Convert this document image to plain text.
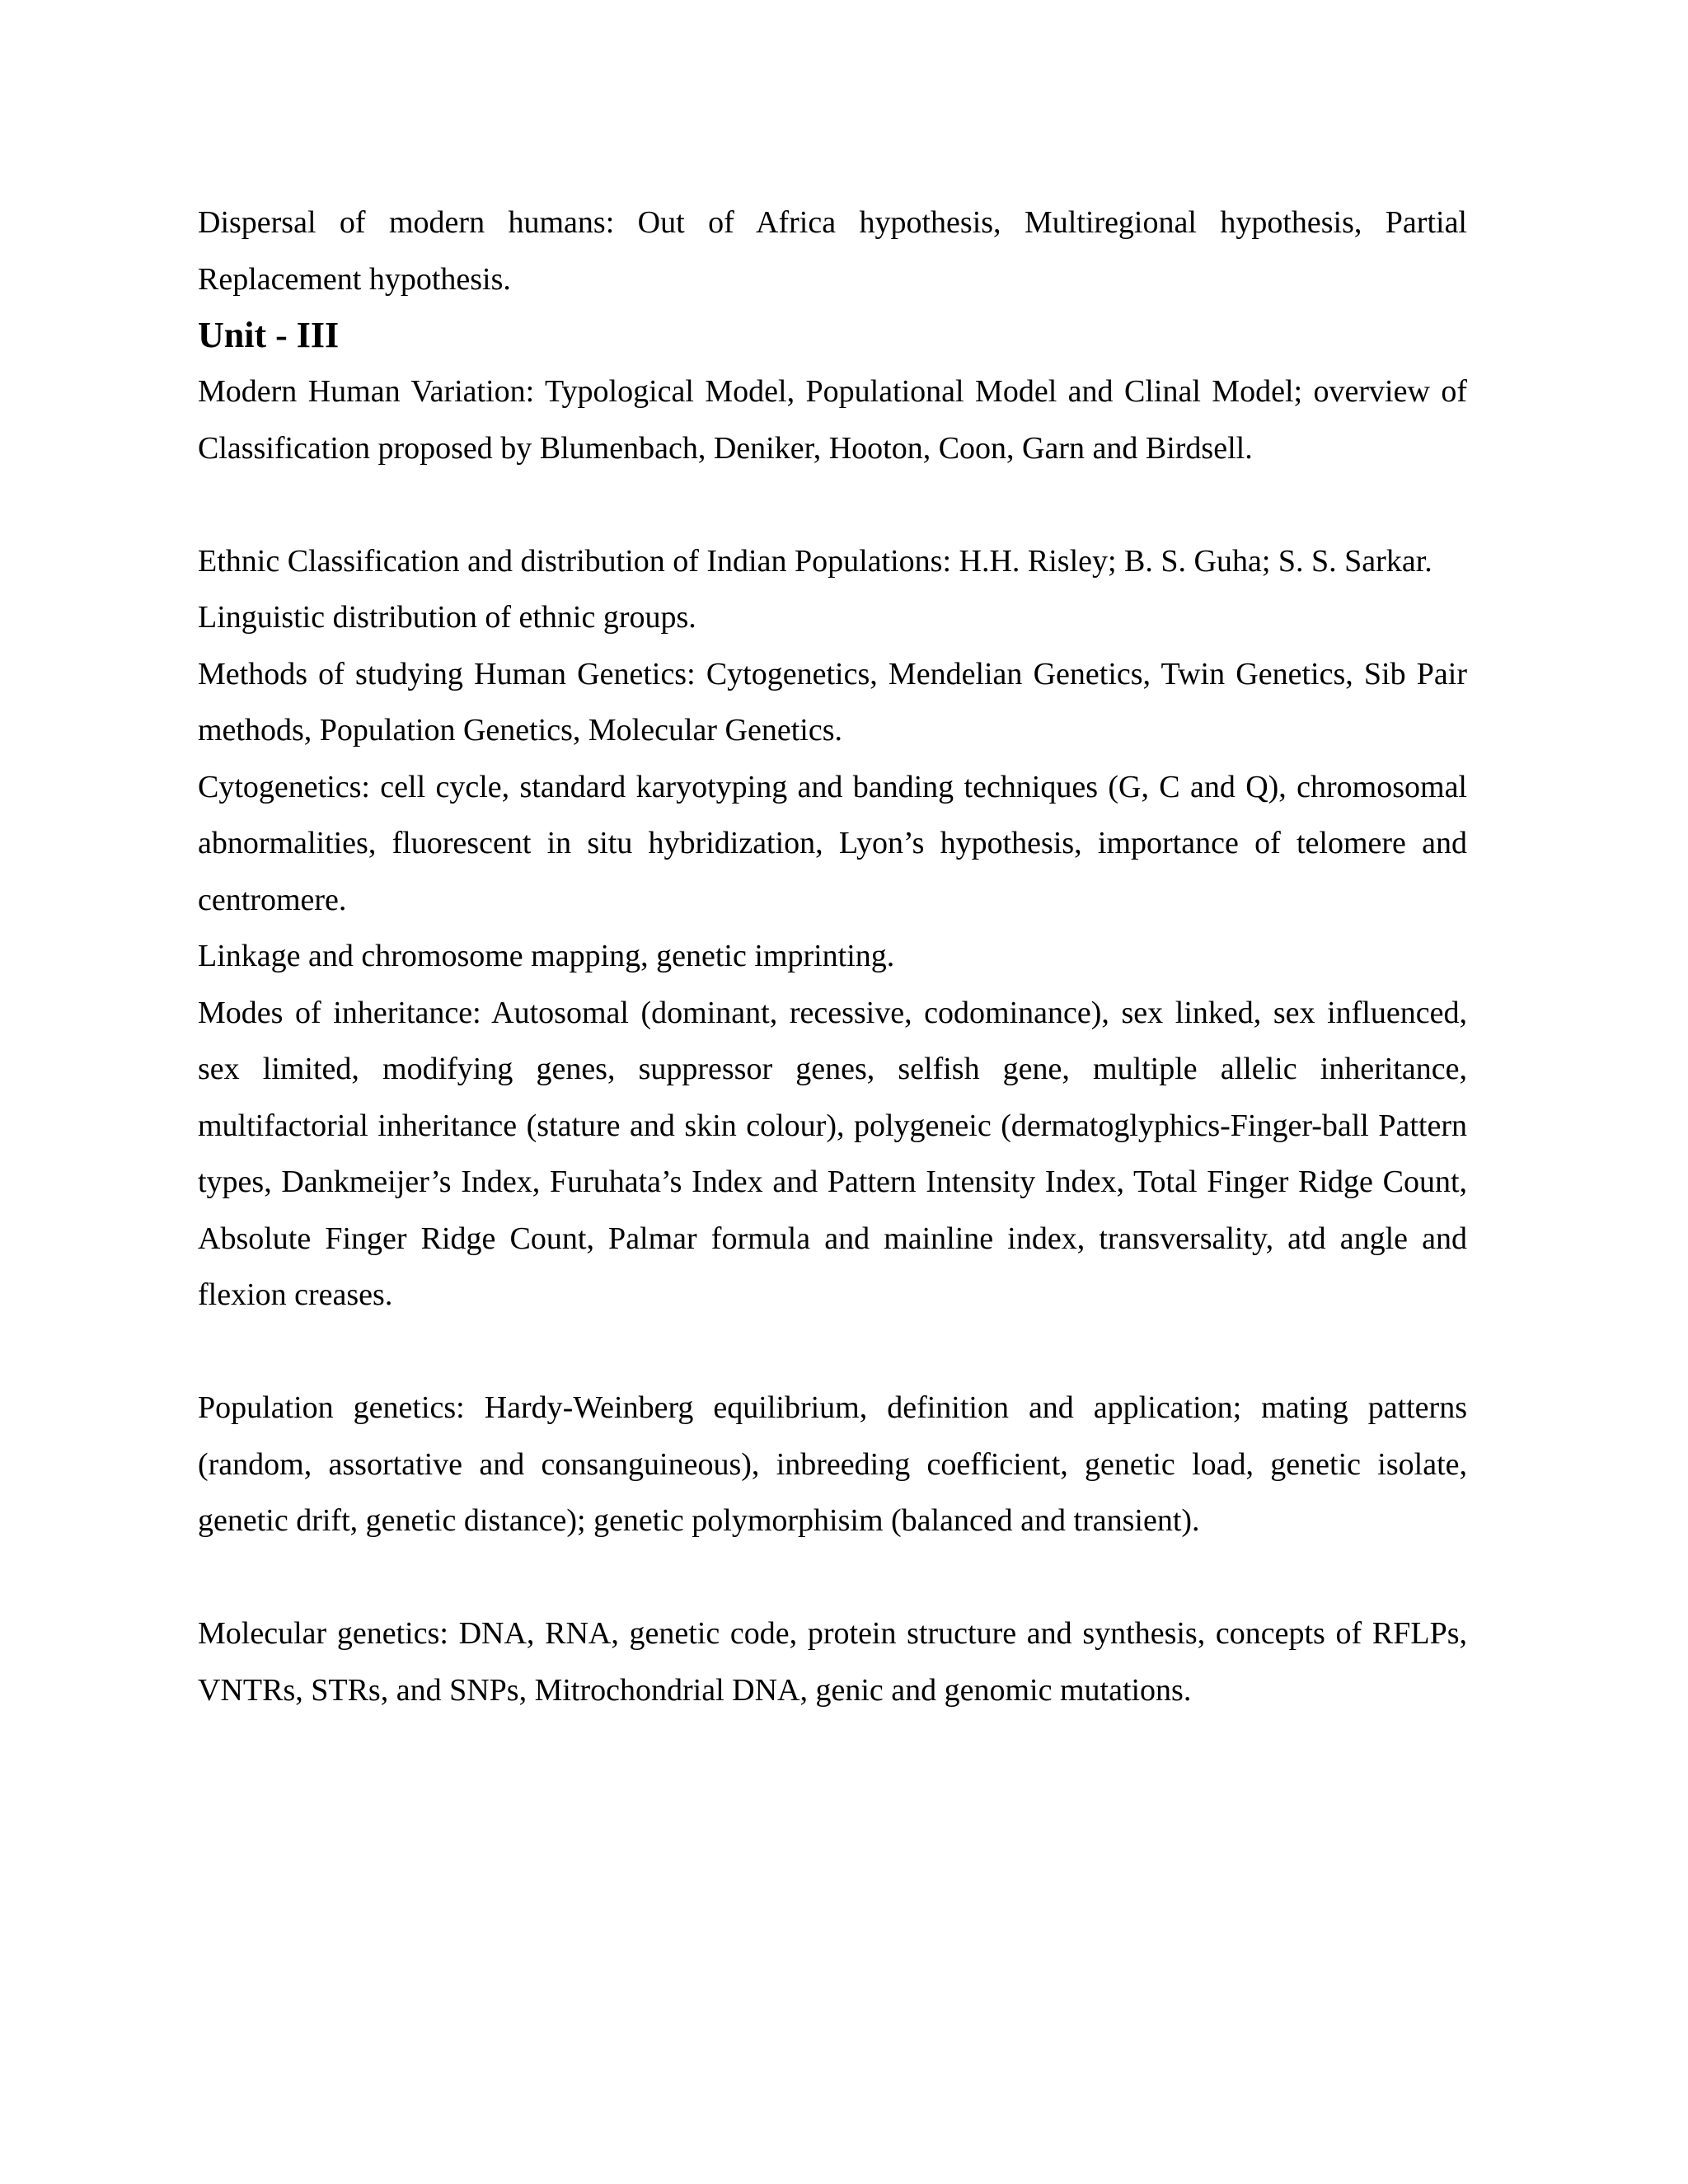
Dispersal of modern humans: Out of Africa hypothesis, Multiregional hypothesis, Partial Replacement hypothesis.

Unit - III

Modern Human Variation: Typological Model, Populational Model and Clinal Model; overview of Classification proposed by Blumenbach, Deniker, Hooton, Coon, Garn and Birdsell.

Ethnic Classification and distribution of Indian Populations: H.H. Risley; B. S. Guha; S. S. Sarkar.

Linguistic distribution of ethnic groups.

Methods of studying Human Genetics: Cytogenetics, Mendelian Genetics, Twin Genetics, Sib Pair methods, Population Genetics, Molecular Genetics.

Cytogenetics: cell cycle, standard karyotyping and banding techniques (G, C and Q), chromosomal abnormalities, fluorescent in situ hybridization, Lyon’s hypothesis, importance of telomere and centromere.

Linkage and chromosome mapping, genetic imprinting.

Modes of inheritance: Autosomal (dominant, recessive, codominance), sex linked, sex influenced, sex limited, modifying genes, suppressor genes, selfish gene, multiple allelic inheritance, multifactorial inheritance (stature and skin colour), polygeneic (dermatoglyphics-Finger-ball Pattern types, Dankmeijer’s Index, Furuhata’s Index and Pattern Intensity Index, Total Finger Ridge Count, Absolute Finger Ridge Count, Palmar formula and mainline index, transversality, atd angle and flexion creases.

Population genetics: Hardy-Weinberg equilibrium, definition and application; mating patterns (random, assortative and consanguineous), inbreeding coefficient, genetic load, genetic isolate, genetic drift, genetic distance); genetic polymorphisim (balanced and transient).

Molecular genetics: DNA, RNA, genetic code, protein structure and synthesis, concepts of RFLPs, VNTRs, STRs, and SNPs, Mitrochondrial DNA, genic and genomic mutations.
